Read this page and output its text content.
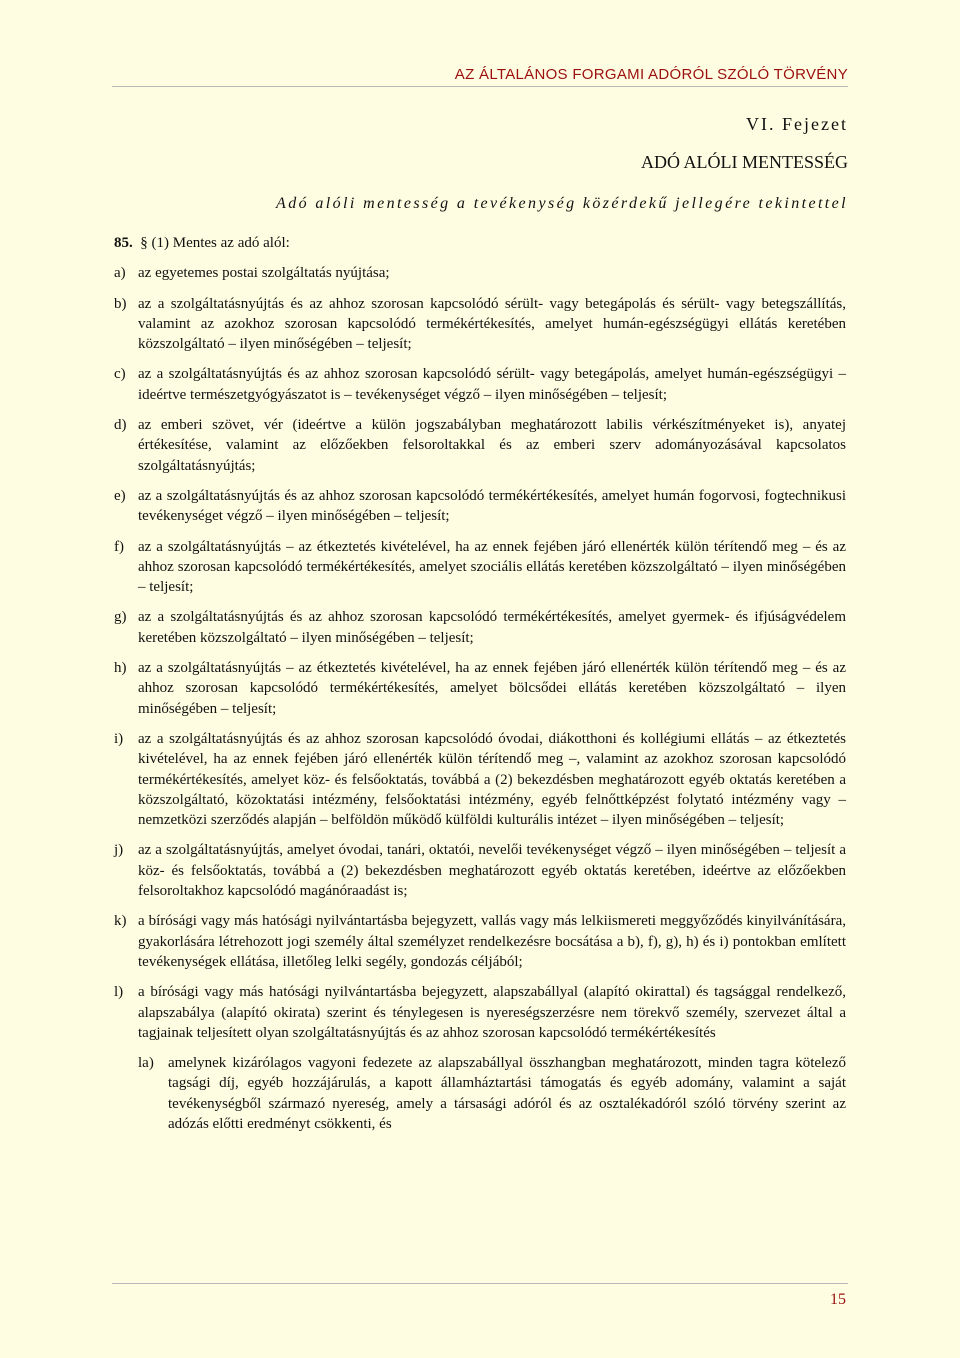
AZ ÁLTALÁNOS FORGAMI ADÓRÓL SZÓLÓ TÖRVÉNY
VI. Fejezet
ADÓ ALÓLI MENTESSÉG
Adó alóli mentesség a tevékenység közérdekű jellegére tekintettel
85. § (1) Mentes az adó alól:
a) az egyetemes postai szolgáltatás nyújtása;
b) az a szolgáltatásnyújtás és az ahhoz szorosan kapcsolódó sérült- vagy betegápolás és sérült- vagy betegszállítás, valamint az azokhoz szorosan kapcsolódó termékértékesítés, amelyet humán-egészségügyi ellátás keretében közszolgáltató – ilyen minőségében – teljesít;
c) az a szolgáltatásnyújtás és az ahhoz szorosan kapcsolódó sérült- vagy betegápolás, amelyet humán-egészségügyi – ideértve természetgyógyászatot is – tevékenységet végző – ilyen minőségében – teljesít;
d) az emberi szövet, vér (ideértve a külön jogszabályban meghatározott labilis vérkészítményeket is), anyatej értékesítése, valamint az előzőekben felsoroltakkal és az emberi szerv adományozásával kapcsolatos szolgáltatásnyújtás;
e) az a szolgáltatásnyújtás és az ahhoz szorosan kapcsolódó termékértékesítés, amelyet humán fogorvosi, fogtechnikusi tevékenységet végző – ilyen minőségében – teljesít;
f) az a szolgáltatásnyújtás – az étkeztetés kivételével, ha az ennek fejében járó ellenérték külön térítendő meg – és az ahhoz szorosan kapcsolódó termékértékesítés, amelyet szociális ellátás keretében közszolgáltató – ilyen minőségében – teljesít;
g) az a szolgáltatásnyújtás és az ahhoz szorosan kapcsolódó termékértékesítés, amelyet gyermek- és ifjúságvédelem keretében közszolgáltató – ilyen minőségében – teljesít;
h) az a szolgáltatásnyújtás – az étkeztetés kivételével, ha az ennek fejében járó ellenérték külön térítendő meg – és az ahhoz szorosan kapcsolódó termékértékesítés, amelyet bölcsődei ellátás keretében közszolgáltató – ilyen minőségében – teljesít;
i) az a szolgáltatásnyújtás és az ahhoz szorosan kapcsolódó óvodai, diákotthoni és kollégiumi ellátás – az étkeztetés kivételével, ha az ennek fejében járó ellenérték külön térítendő meg –, valamint az azokhoz szorosan kapcsolódó termékértékesítés, amelyet köz- és felsőoktatás, továbbá a (2) bekezdésben meghatározott egyéb oktatás keretében a közszolgáltató, közoktatási intézmény, felsőoktatási intézmény, egyéb felnőttképzést folytató intézmény vagy – nemzetközi szerződés alapján – belföldön működő külföldi kulturális intézet – ilyen minőségében – teljesít;
j) az a szolgáltatásnyújtás, amelyet óvodai, tanári, oktatói, nevelői tevékenységet végző – ilyen minőségében – teljesít a köz- és felsőoktatás, továbbá a (2) bekezdésben meghatározott egyéb oktatás keretében, ideértve az előzőekben felsoroltakhoz kapcsolódó magánóraadást is;
k) a bírósági vagy más hatósági nyilvántartásba bejegyzett, vallás vagy más lelkiismereti meggyőződés kinyilvánítására, gyakorlására létrehozott jogi személy által személyzet rendelkezésre bocsátása a b), f), g), h) és i) pontokban említett tevékenységek ellátása, illetőleg lelki segély, gondozás céljából;
l) a bírósági vagy más hatósági nyilvántartásba bejegyzett, alapszabállyal (alapító okirattal) és tagsággal rendelkező, alapszabálya (alapító okirata) szerint és ténylegesen is nyereségszerzésre nem törekvő személy, szervezet által a tagjainak teljesített olyan szolgáltatásnyújtás és az ahhoz szorosan kapcsolódó termékértékesítés
la) amelynek kizárólagos vagyoni fedezete az alapszabállyal összhangban meghatározott, minden tagra kötelező tagsági díj, egyéb hozzájárulás, a kapott államháztartási támogatás és egyéb adomány, valamint a saját tevékenységből származó nyereség, amely a társasági adóról és az osztalékadóról szóló törvény szerint az adózás előtti eredményt csökkenti, és
15
